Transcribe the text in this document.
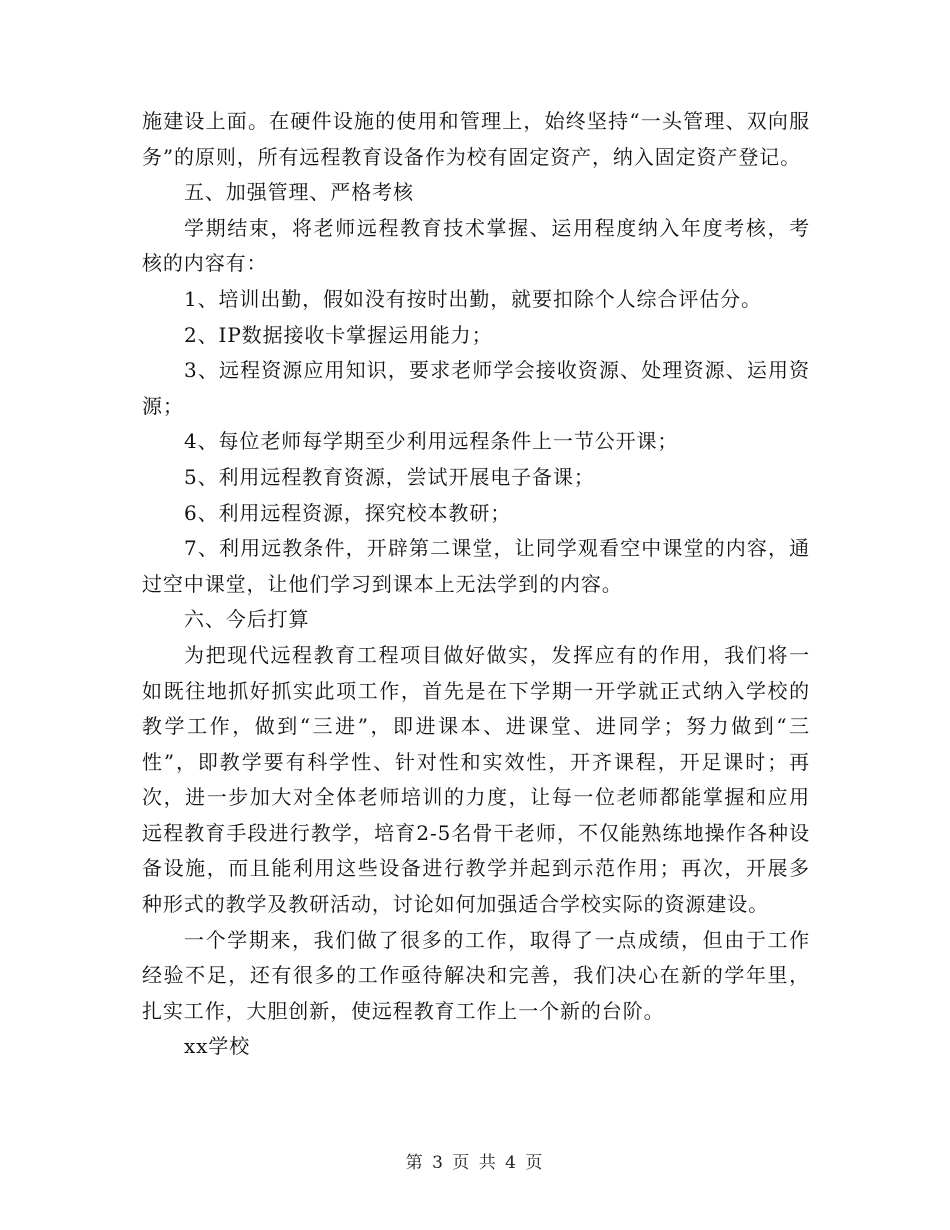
施建设上面。在硬件设施的使用和管理上，始终坚持“一头管理、双向服务”的原则，所有远程教育设备作为校有固定资产，纳入固定资产登记。

五、加强管理、严格考核

学期结束，将老师远程教育技术掌握、运用程度纳入年度考核，考核的内容有：

1、培训出勤，假如没有按时出勤，就要扣除个人综合评估分。

2、IP数据接收卡掌握运用能力；

3、远程资源应用知识，要求老师学会接收资源、处理资源、运用资源；

4、每位老师每学期至少利用远程条件上一节公开课；

5、利用远程教育资源，尝试开展电子备课；

6、利用远程资源，探究校本教研；

7、利用远教条件，开辟第二课堂，让同学观看空中课堂的内容，通过空中课堂，让他们学习到课本上无法学到的内容。

六、今后打算

为把现代远程教育工程项目做好做实，发挥应有的作用，我们将一如既往地抓好抓实此项工作，首先是在下学期一开学就正式纳入学校的教学工作，做到“三进”，即进课本、进课堂、进同学；努力做到“三性”，即教学要有科学性、针对性和实效性，开齐课程，开足课时；再次，进一步加大对全体老师培训的力度，让每一位老师都能掌握和应用远程教育手段进行教学，培育2-5名骨干老师，不仅能熟练地操作各种设备设施，而且能利用这些设备进行教学并起到示范作用；再次，开展多种形式的教学及教研活动，讨论如何加强适合学校实际的资源建设。

一个学期来，我们做了很多的工作，取得了一点成绩，但由于工作经验不足，还有很多的工作亟待解决和完善，我们决心在新的学年里，扎实工作，大胆创新，使远程教育工作上一个新的台阶。

xx学校

第 3 页 共 4 页
